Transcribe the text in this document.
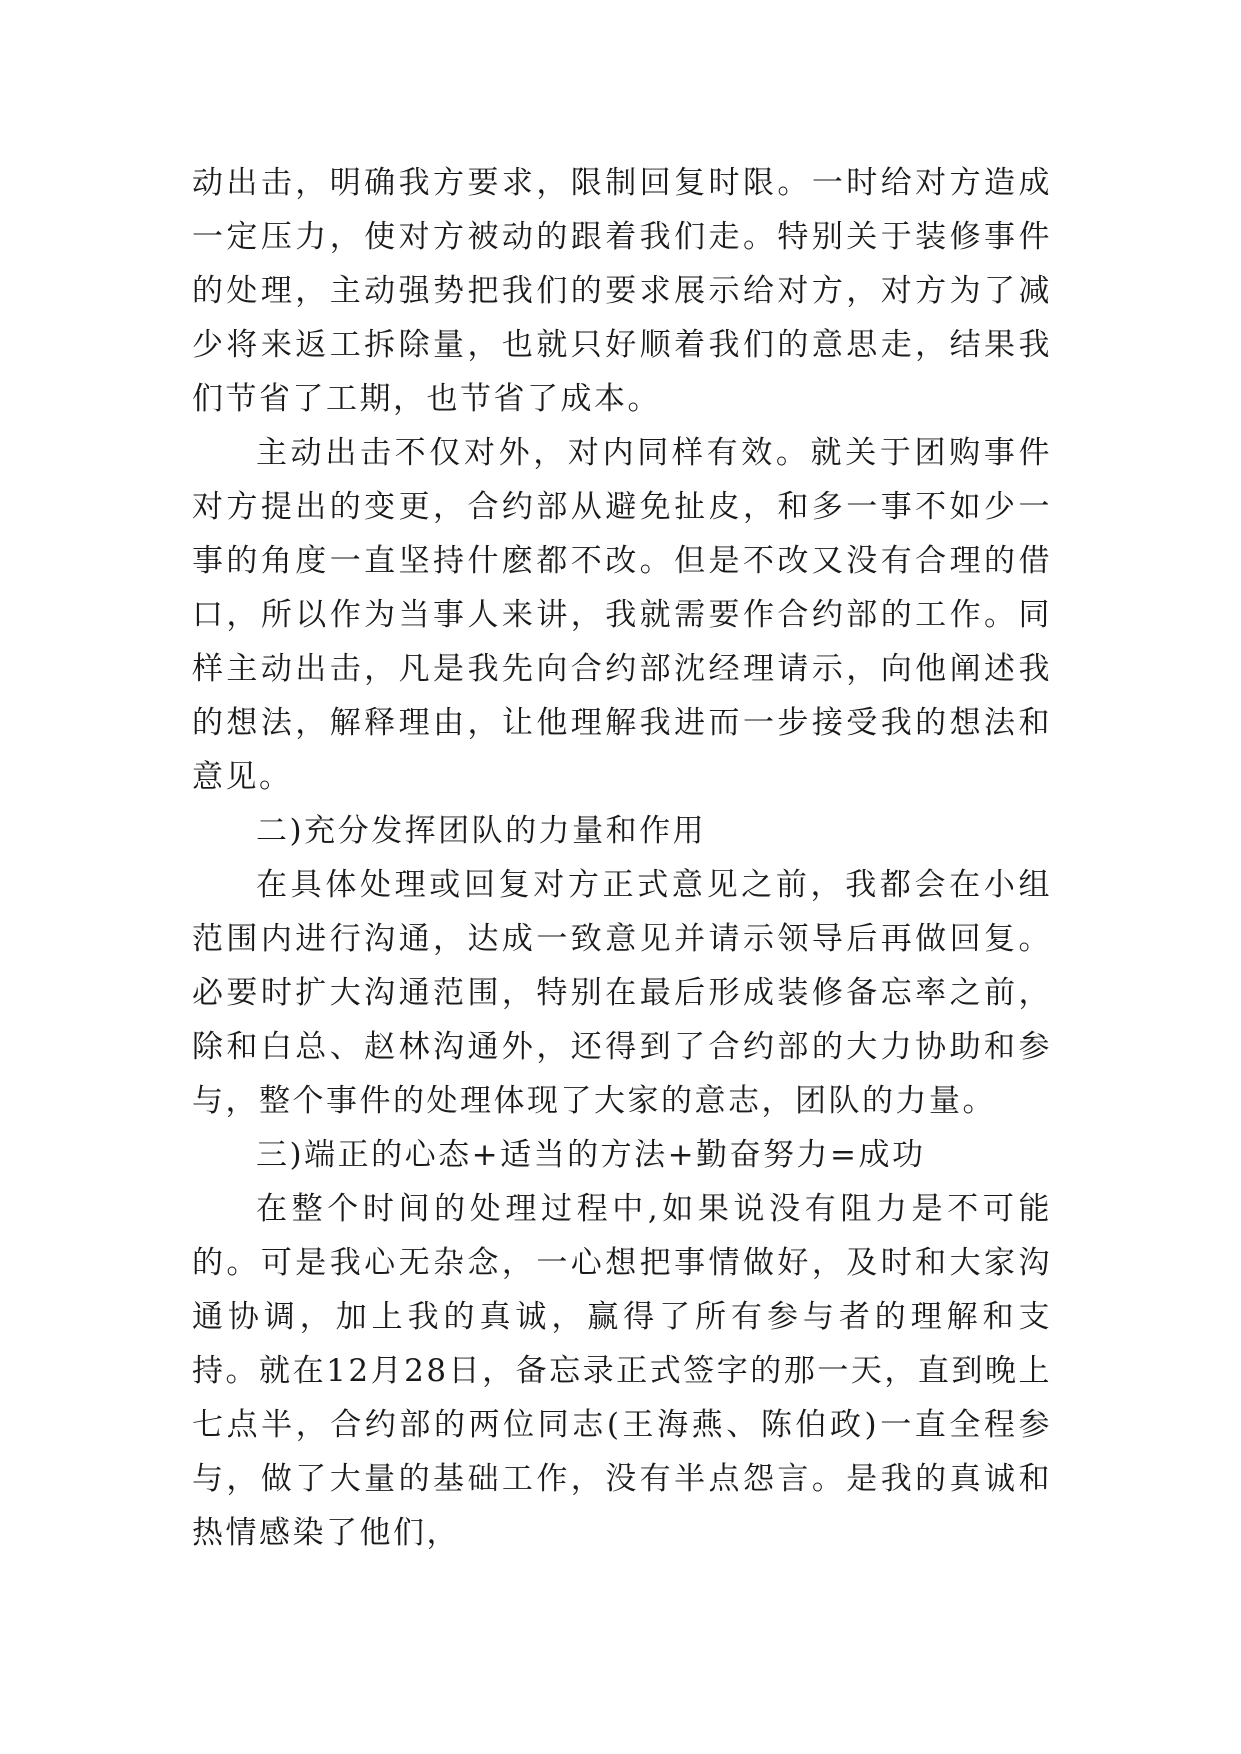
动出击，明确我方要求，限制回复时限。一时给对方造成一定压力，使对方被动的跟着我们走。特别关于装修事件的处理，主动强势把我们的要求展示给对方，对方为了减少将来返工拆除量，也就只好顺着我们的意思走，结果我们节省了工期，也节省了成本。

主动出击不仅对外，对内同样有效。就关于团购事件对方提出的变更，合约部从避免扯皮，和多一事不如少一事的角度一直坚持什麽都不改。但是不改又没有合理的借口，所以作为当事人来讲，我就需要作合约部的工作。同样主动出击，凡是我先向合约部沈经理请示，向他阐述我的想法，解释理由，让他理解我进而一步接受我的想法和意见。

二)充分发挥团队的力量和作用

在具体处理或回复对方正式意见之前，我都会在小组范围内进行沟通，达成一致意见并请示领导后再做回复。必要时扩大沟通范围，特别在最后形成装修备忘率之前，除和白总、赵林沟通外，还得到了合约部的大力协助和参与，整个事件的处理体现了大家的意志，团队的力量。

三)端正的心态+适当的方法+勤奋努力=成功

在整个时间的处理过程中,如果说没有阻力是不可能的。可是我心无杂念，一心想把事情做好，及时和大家沟通协调，加上我的真诚，赢得了所有参与者的理解和支持。就在12月28日，备忘录正式签字的那一天，直到晚上七点半，合约部的两位同志(王海燕、陈伯政)一直全程参与，做了大量的基础工作，没有半点怨言。是我的真诚和热情感染了他们，
